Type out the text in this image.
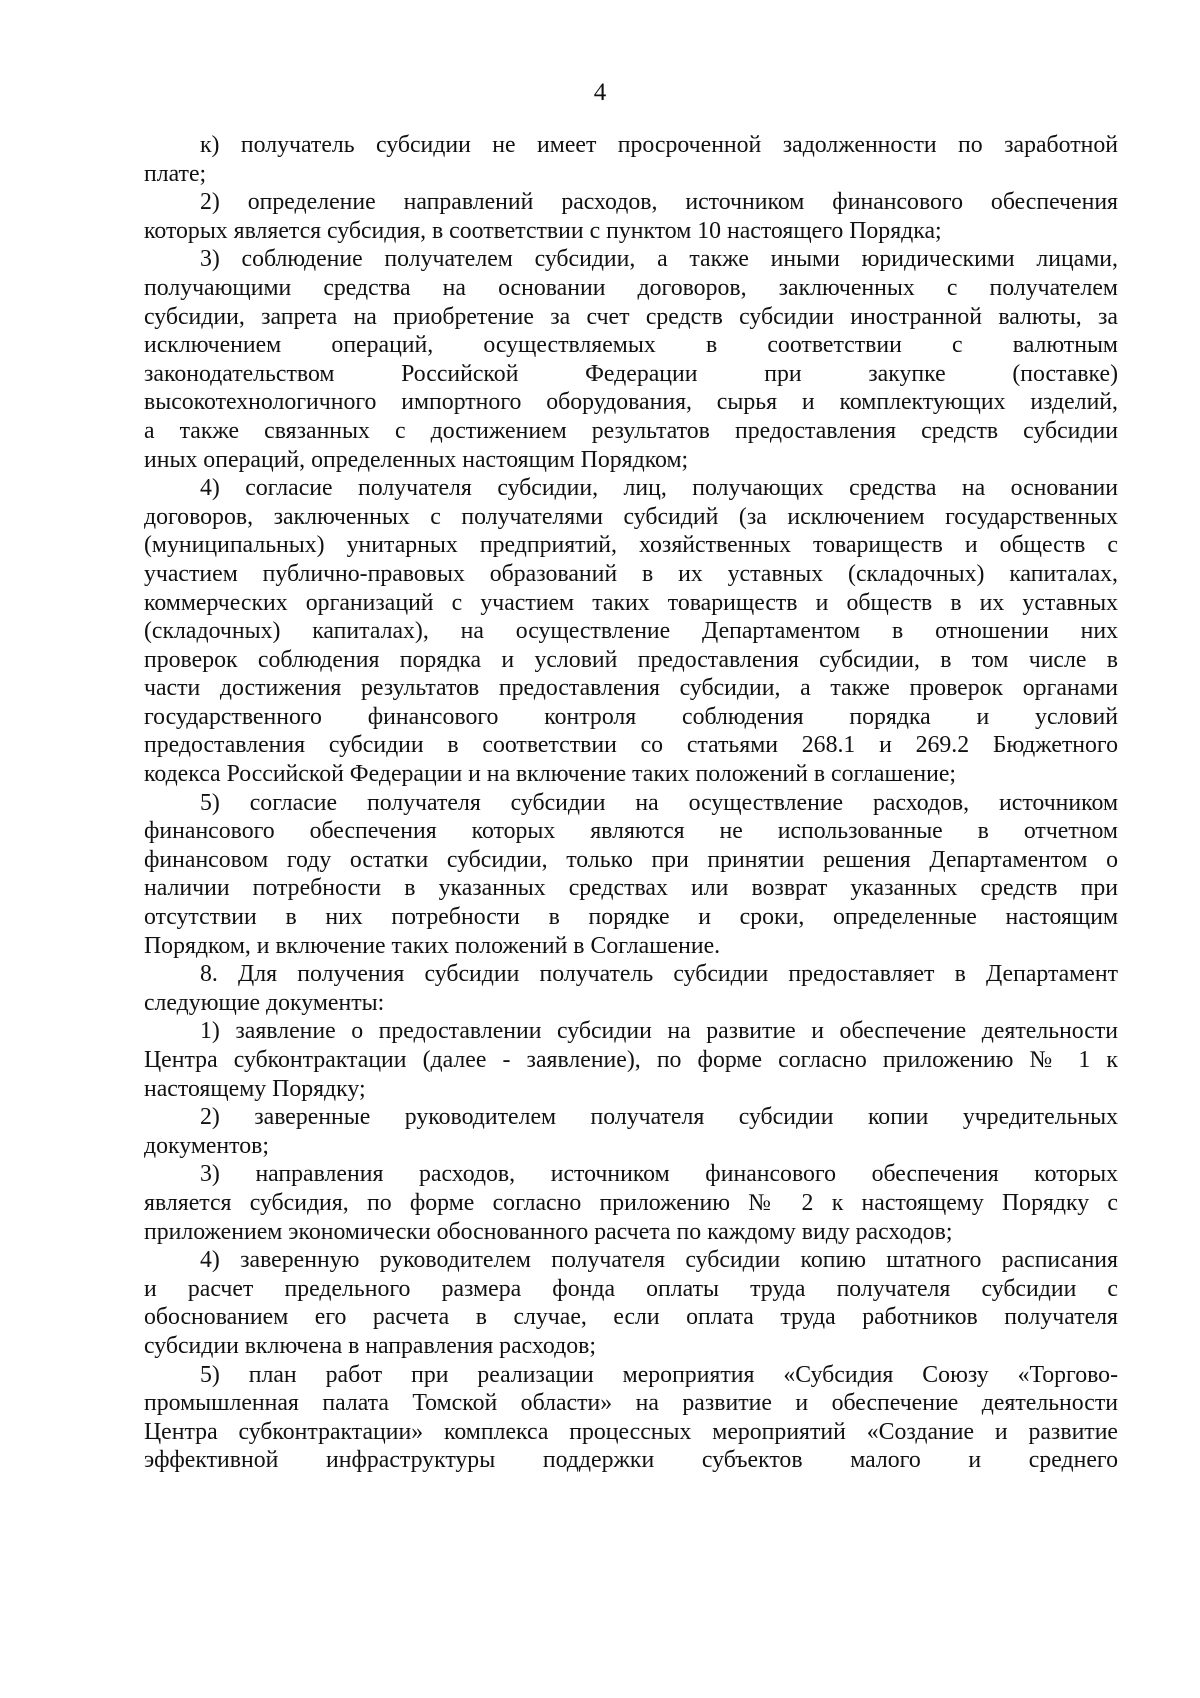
4
к) получатель субсидии не имеет просроченной задолженности по заработной
плате;
2) определение направлений расходов, источником финансового обеспечения
которых является субсидия, в соответствии с пунктом 10 настоящего Порядка;
3) соблюдение получателем субсидии, а также иными юридическими лицами,
получающими средства на основании договоров, заключенных с получателем
субсидии, запрета на приобретение за счет средств субсидии иностранной валюты, за
исключением операций, осуществляемых в соответствии с валютным
законодательством Российской Федерации при закупке (поставке)
высокотехнологичного импортного оборудования, сырья и комплектующих изделий,
а также связанных с достижением результатов предоставления средств субсидии
иных операций, определенных настоящим Порядком;
4) согласие получателя субсидии, лиц, получающих средства на основании
договоров, заключенных с получателями субсидий (за исключением государственных
(муниципальных) унитарных предприятий, хозяйственных товариществ и обществ с
участием публично-правовых образований в их уставных (складочных) капиталах,
коммерческих организаций с участием таких товариществ и обществ в их уставных
(складочных) капиталах), на осуществление Департаментом в отношении них
проверок соблюдения порядка и условий предоставления субсидии, в том числе в
части достижения результатов предоставления субсидии, а также проверок органами
государственного финансового контроля соблюдения порядка и условий
предоставления субсидии в соответствии со статьями 268.1 и 269.2 Бюджетного
кодекса Российской Федерации и на включение таких положений в соглашение;
5) согласие получателя субсидии на осуществление расходов, источником
финансового обеспечения которых являются не использованные в отчетном
финансовом году остатки субсидии, только при принятии решения Департаментом о
наличии потребности в указанных средствах или возврат указанных средств при
отсутствии в них потребности в порядке и сроки, определенные настоящим
Порядком, и включение таких положений в Соглашение.
8. Для получения субсидии получатель субсидии предоставляет в Департамент
следующие документы:
1) заявление о предоставлении субсидии на развитие и обеспечение деятельности
Центра субконтрактации (далее - заявление), по форме согласно приложению № 1 к
настоящему Порядку;
2) заверенные руководителем получателя субсидии копии учредительных
документов;
3) направления расходов, источником финансового обеспечения которых
является субсидия, по форме согласно приложению № 2 к настоящему Порядку с
приложением экономически обоснованного расчета по каждому виду расходов;
4) заверенную руководителем получателя субсидии копию штатного расписания
и расчет предельного размера фонда оплаты труда получателя субсидии с
обоснованием его расчета в случае, если оплата труда работников получателя
субсидии включена в направления расходов;
5) план работ при реализации мероприятия «Субсидия Союзу «Торгово-
промышленная палата Томской области» на развитие и обеспечение деятельности
Центра субконтрактации» комплекса процессных мероприятий «Создание и развитие
эффективной инфраструктуры поддержки субъектов малого и среднего
